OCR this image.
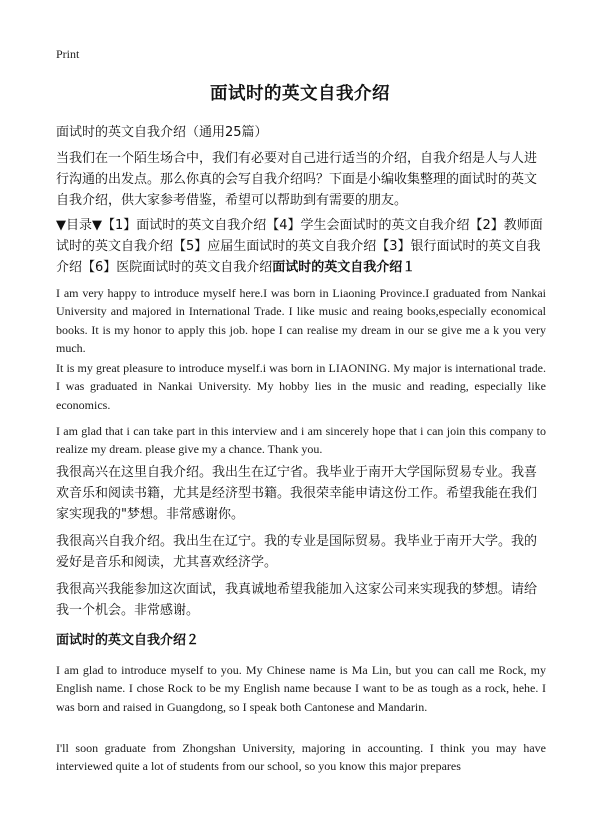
Print
面试时的英文自我介绍
面试时的英文自我介绍（通用25篇）
当我们在一个陌生场合中，我们有必要对自己进行适当的介绍，自我介绍是人与人进行沟通的出发点。那么你真的会写自我介绍吗？下面是小编收集整理的面试时的英文自我介绍，供大家参考借鉴，希望可以帮助到有需要的朋友。
▼目录▼【1】面试时的英文自我介绍【4】学生会面试时的英文自我介绍【2】教师面试时的英文自我介绍【5】应届生面试时的英文自我介绍【3】银行面试时的英文自我介绍【6】医院面试时的英文自我介绍面试时的英文自我介绍１
I am very happy to introduce myself here.I was born in Liaoning Province.I graduated from Nankai University and majored in International Trade. I like music and reaing books,especially economical books. It is my honor to apply this job. hope I can realise my dream in our se give me a k you very much.
It is my great pleasure to introduce myself.i was born in LIAONING. My major is international trade. I was graduated in Nankai University. My hobby lies in the music and reading, especially like economics.
I am glad that i can take part in this interview and i am sincerely hope that i can join this company to realize my dream. please give my a chance. Thank you.
我很高兴在这里自我介绍。我出生在辽宁省。我毕业于南开大学国际贸易专业。我喜欢音乐和阅读书籍，尤其是经济型书籍。我很荣幸能申请这份工作。希望我能在我们家实现我的"梦想。非常感谢你。
我很高兴自我介绍。我出生在辽宁。我的专业是国际贸易。我毕业于南开大学。我的爱好是音乐和阅读，尤其喜欢经济学。
我很高兴我能参加这次面试，我真诚地希望我能加入这家公司来实现我的梦想。请给我一个机会。非常感谢。
面试时的英文自我介绍２
I am glad to introduce myself to you. My Chinese name is Ma Lin, but you can call me Rock, my English name. I chose Rock to be my English name because I want to be as tough as a rock, hehe. I was born and raised in Guangdong, so I speak both Cantonese and Mandarin.
I'll soon graduate from Zhongshan University, majoring in accounting. I think you may have interviewed quite a lot of students from our school, so you know this major prepares
